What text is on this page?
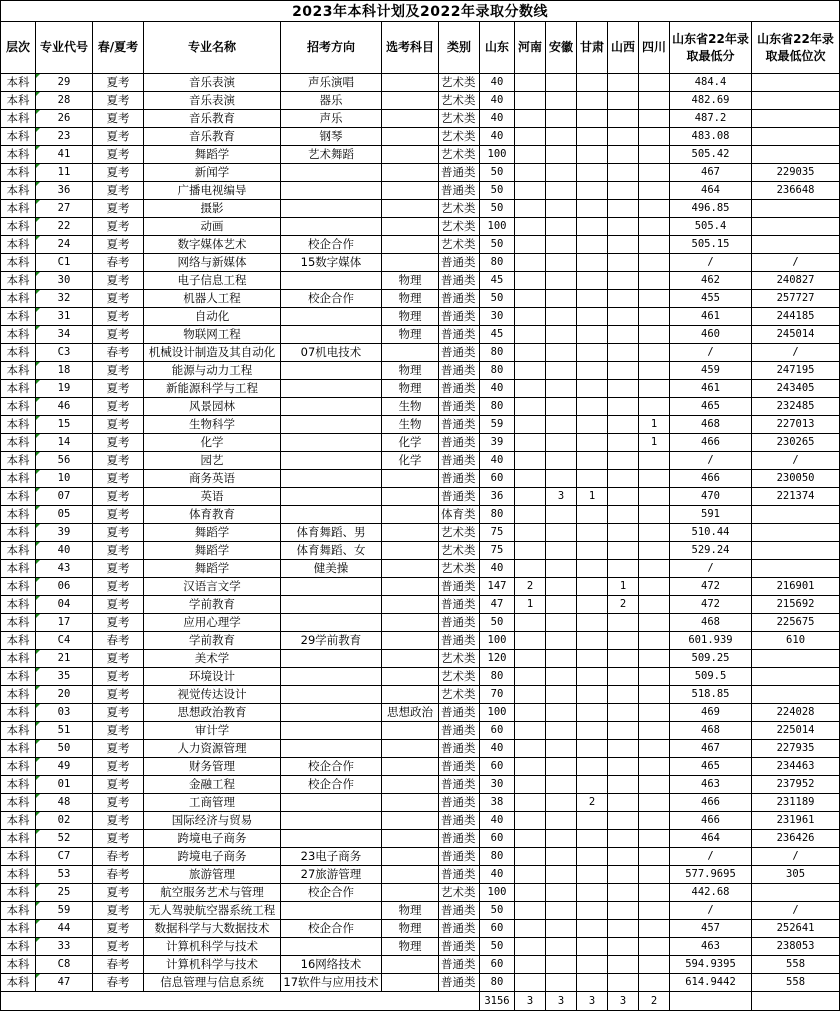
2023年本科计划及2022年录取分数线														
层次	专业代号	春/夏考	专业名称	招考方向	选考科目	类别	山东	河南	安徽	甘肃	山西	四川	山东省22年录取最低分	山东省22年录取最低位次
本科	29	夏考	音乐表演	声乐演唱		艺术类	40						484.4	
本科	28	夏考	音乐表演	器乐		艺术类	40						482.69	
本科	26	夏考	音乐教育	声乐		艺术类	40						487.2	
本科	23	夏考	音乐教育	钢琴		艺术类	40						483.08	
本科	41	夏考	舞蹈学	艺术舞蹈		艺术类	100						505.42	
本科	11	夏考	新闻学			普通类	50						467	229035
本科	36	夏考	广播电视编导			普通类	50						464	236648
本科	27	夏考	摄影			艺术类	50						496.85	
本科	22	夏考	动画			艺术类	100						505.4	
本科	24	夏考	数字媒体艺术	校企合作		艺术类	50						505.15	
本科	C1	春考	网络与新媒体	15数字媒体		普通类	80						/	/
本科	30	夏考	电子信息工程		物理	普通类	45						462	240827
本科	32	夏考	机器人工程	校企合作	物理	普通类	50						455	257727
本科	31	夏考	自动化		物理	普通类	30						461	244185
本科	34	夏考	物联网工程		物理	普通类	45						460	245014
本科	C3	春考	机械设计制造及其自动化	07机电技术		普通类	80						/	/
本科	18	夏考	能源与动力工程		物理	普通类	80						459	247195
本科	19	夏考	新能源科学与工程		物理	普通类	40						461	243405
本科	46	夏考	风景园林		生物	普通类	80						465	232485
本科	15	夏考	生物科学		生物	普通类	59					1	468	227013
本科	14	夏考	化学		化学	普通类	39					1	466	230265
本科	56	夏考	园艺		化学	普通类	40						/	/
本科	10	夏考	商务英语			普通类	60						466	230050
本科	07	夏考	英语			普通类	36		3	1			470	221374
本科	05	夏考	体育教育			体育类	80						591	
本科	39	夏考	舞蹈学	体育舞蹈、男		艺术类	75						510.44	
本科	40	夏考	舞蹈学	体育舞蹈、女		艺术类	75						529.24	
本科	43	夏考	舞蹈学	健美操		艺术类	40						/	
本科	06	夏考	汉语言文学			普通类	147	2			1		472	216901
本科	04	夏考	学前教育			普通类	47	1			2		472	215692
本科	17	夏考	应用心理学			普通类	50						468	225675
本科	C4	春考	学前教育	29学前教育		普通类	100						601.939	610
本科	21	夏考	美术学			艺术类	120						509.25	
本科	35	夏考	环境设计			艺术类	80						509.5	
本科	20	夏考	视觉传达设计			艺术类	70						518.85	
本科	03	夏考	思想政治教育		思想政治	普通类	100						469	224028
本科	51	夏考	审计学			普通类	60						468	225014
本科	50	夏考	人力资源管理			普通类	40						467	227935
本科	49	夏考	财务管理	校企合作		普通类	60						465	234463
本科	01	夏考	金融工程	校企合作		普通类	30						463	237952
本科	48	夏考	工商管理			普通类	38			2			466	231189
本科	02	夏考	国际经济与贸易			普通类	40						466	231961
本科	52	夏考	跨境电子商务			普通类	60						464	236426
本科	C7	春考	跨境电子商务	23电子商务		普通类	80						/	/
本科	53	春考	旅游管理	27旅游管理		普通类	40						577.9695	305
本科	25	夏考	航空服务艺术与管理	校企合作		艺术类	100						442.68	
本科	59	夏考	无人驾驶航空器系统工程		物理	普通类	50						/	/
本科	44	夏考	数据科学与大数据技术	校企合作	物理	普通类	60						457	252641
本科	33	夏考	计算机科学与技术		物理	普通类	50						463	238053
本科	C8	春考	计算机科学与技术	16网络技术		普通类	60						594.9395	558
本科	47	春考	信息管理与信息系统	17软件与应用技术		普通类	80						614.9442	558
							3156	3	3	3	3	2		
